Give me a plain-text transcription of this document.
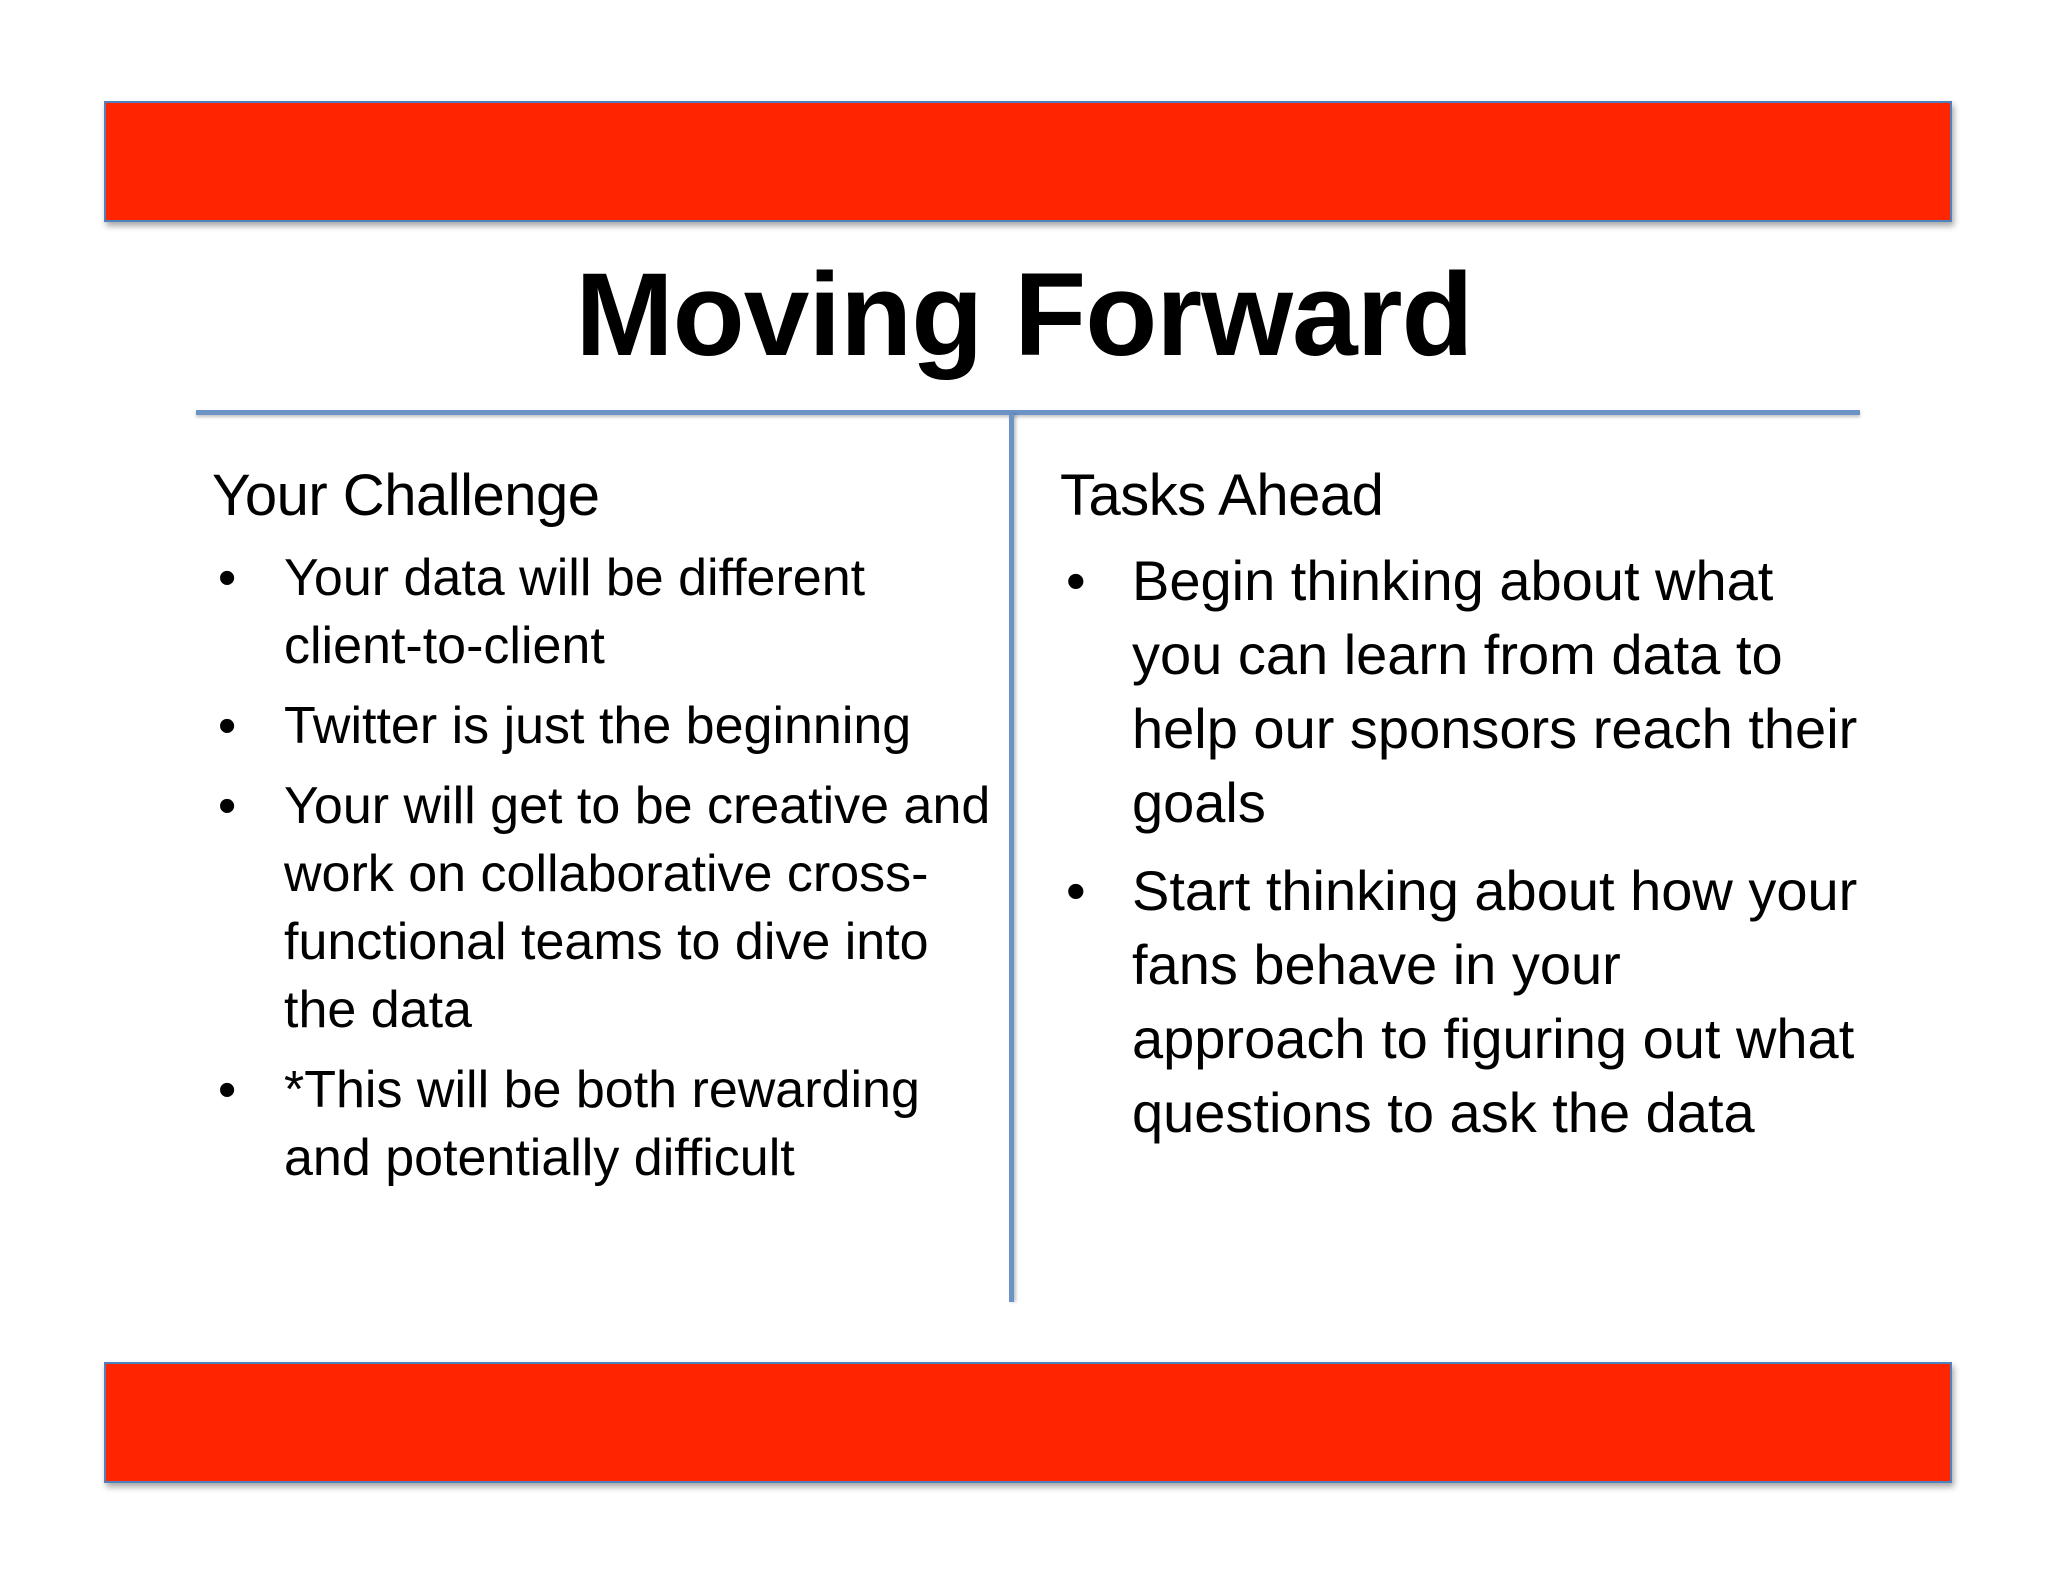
Moving Forward
Your Challenge
• Your data will be different client-to-client
• Twitter is just the beginning
• Your will get to be creative and work on collaborative cross-functional teams to dive into the data
• *This will be both rewarding and potentially difficult
Tasks Ahead
• Begin thinking about what you can learn from data to help our sponsors reach their goals
• Start thinking about how your fans behave in your approach to figuring out what questions to ask the data
